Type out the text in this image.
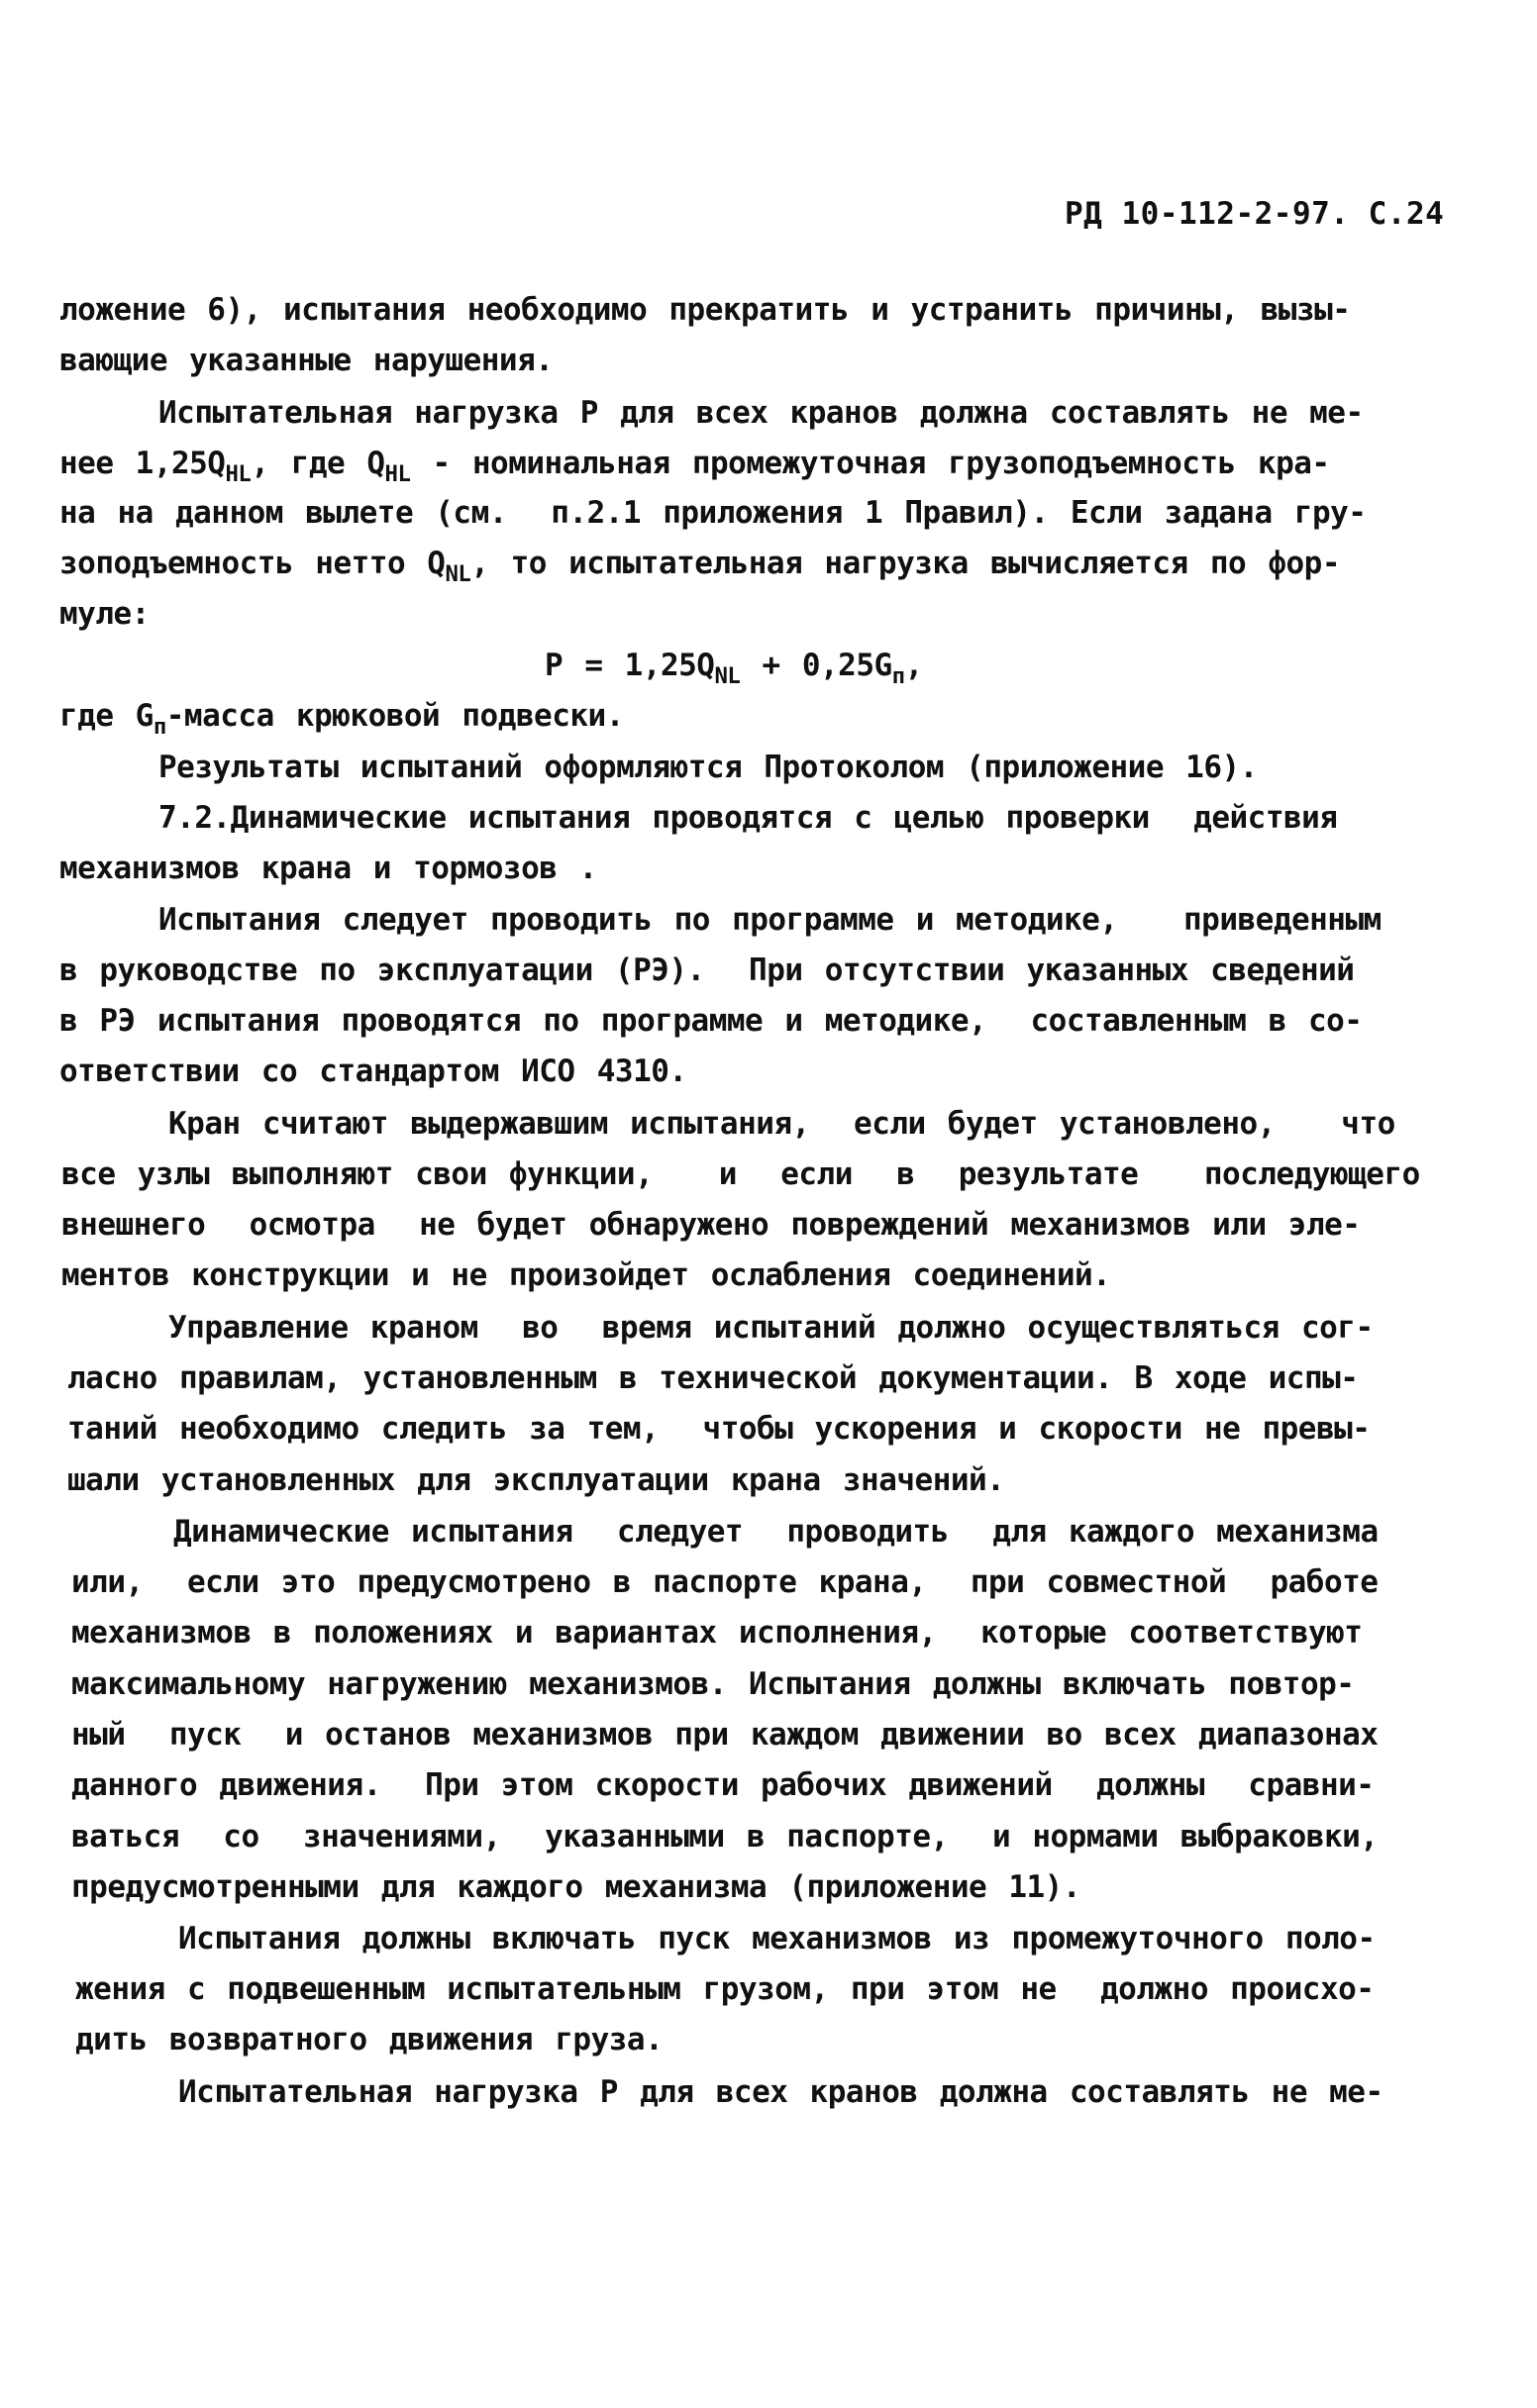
РД 10-112-2-97. С.24
ложение 6), испытания необходимо прекратить и устранить причины, вызы-
вающие указанные нарушения.
Испытательная нагрузка Р для всех кранов должна составлять не ме-
нее $1,25Q_{HL}$, где $Q_{HL}$ - номинальная промежуточная грузоподъемность кра-
на на данном вылете (см.  п.2.1 приложения 1 Правил). Если задана гру-
зоподъемность нетто $Q_{NL}$, то испытательная нагрузка вычисляется по фор-
муле:
$P = 1,25Q_{NL} + 0,25G_п$,
где $G_п$-масса крюковой подвески.
Результаты испытаний оформляются Протоколом (приложение 16).
7.2.Динамические испытания проводятся с целью проверки  действия
механизмов крана и тормозов .
Испытания следует проводить по программе и методике,   приведенным
в руководстве по эксплуатации (РЭ).  При отсутствии указанных сведений
в РЭ испытания проводятся по программе и методике,  составленным в со-
ответствии со стандартом ИСО 4310.
Кран считают выдержавшим испытания,  если будет установлено,   что
все узлы выполняют свои функции,   и  если  в  результате   последующего
внешнего  осмотра  не будет обнаружено повреждений механизмов или эле-
ментов конструкции и не произойдет ослабления соединений.
Управление краном  во  время испытаний должно осуществляться сог-
ласно правилам, установленным в технической документации. В ходе испы-
таний необходимо следить за тем,  чтобы ускорения и скорости не превы-
шали установленных для эксплуатации крана значений.
Динамические испытания  следует  проводить  для каждого механизма
или,  если это предусмотрено в паспорте крана,  при совместной  работе
механизмов в положениях и вариантах исполнения,  которые соответствуют
максимальному нагружению механизмов. Испытания должны включать повтор-
ный  пуск  и останов механизмов при каждом движении во всех диапазонах
данного движения.  При этом скорости рабочих движений  должны  сравни-
ваться  со  значениями,  указанными в паспорте,  и нормами выбраковки,
предусмотренными для каждого механизма (приложение 11).
Испытания должны включать пуск механизмов из промежуточного поло-
жения с подвешенным испытательным грузом, при этом не  должно происхо-
дить возвратного движения груза.
Испытательная нагрузка Р для всех кранов должна составлять не ме-
